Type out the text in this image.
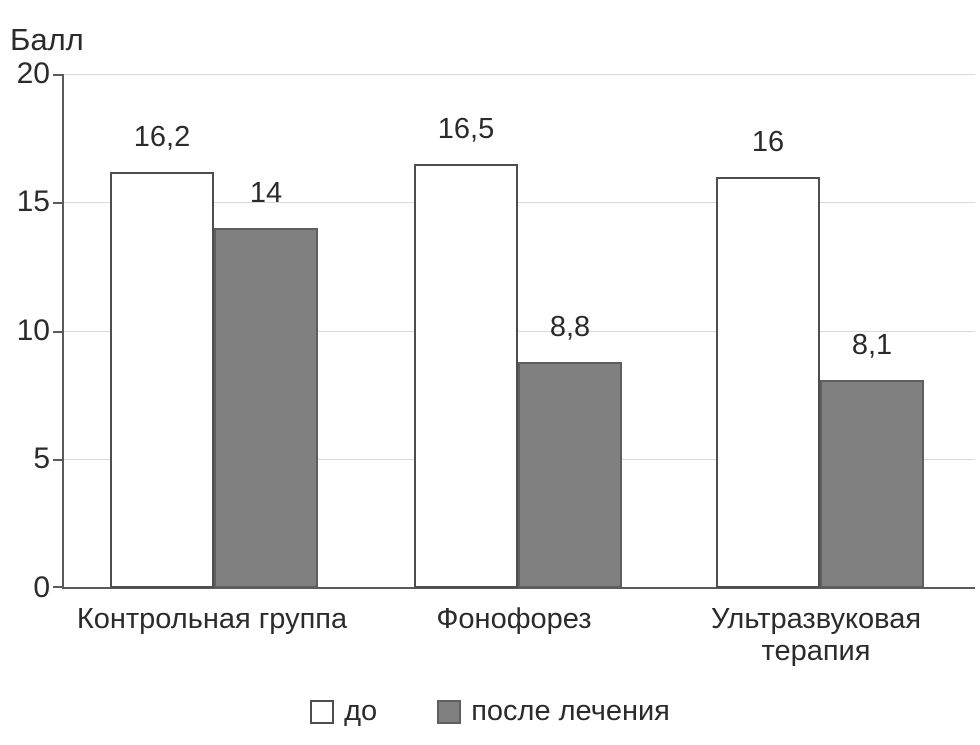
Балл
20
15
10
5
0
16,2
14
16,5
8,8
16
8,1
Контрольная группа	Фонофорез	Ультразвуковая
терапия
до	после лечения
